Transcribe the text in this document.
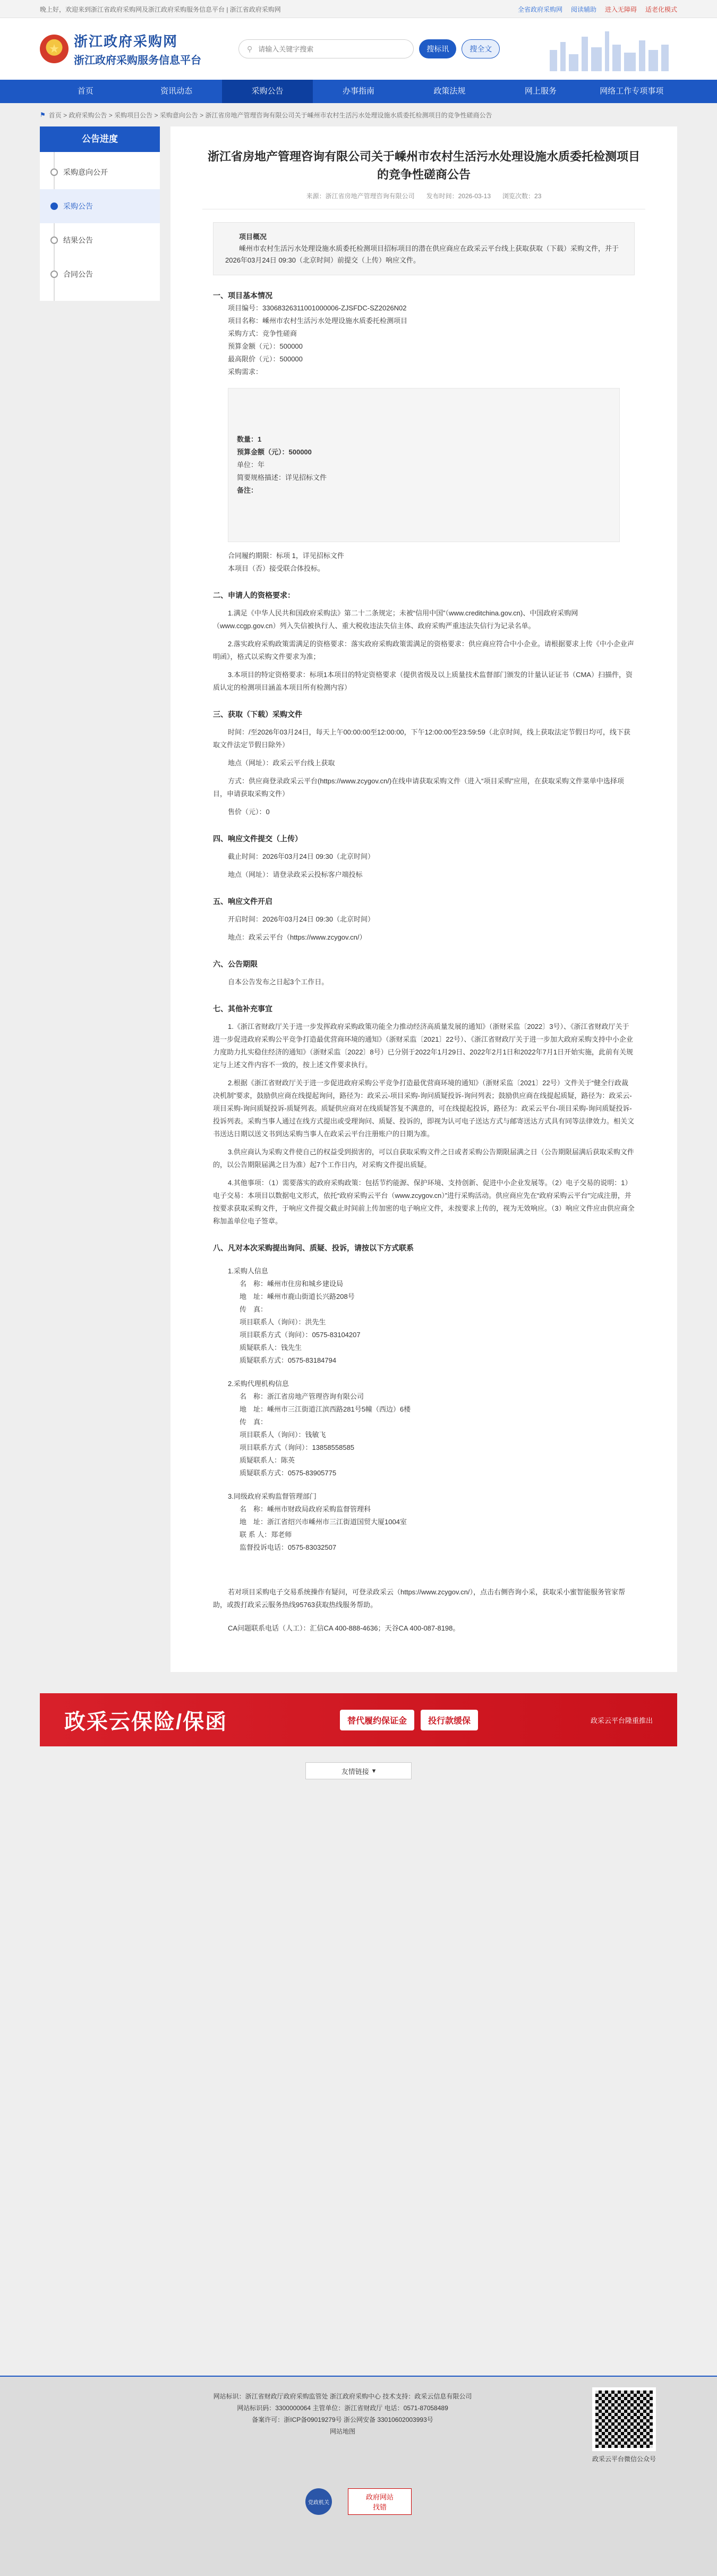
晚上好，欢迎来到浙江省政府采购网及浙江政府采购服务信息平台 | 浙江省政府采购网	全省政府采购网 阅读辅助 进入无障碍 适老化模式
★	浙江政府采购网
浙江政府采购服务信息平台
⚲
请输入关键字搜索	搜标讯	搜全文
首页	资讯动态	采购公告	办事指南	政策法规	网上服务	网络工作专项事项
⚑ 首页 > 政府采购公告 > 采购项目公告 > 采购意向公告 > 浙江省房地产管理咨询有限公司关于嵊州市农村生活污水处理设施水质委托检测项目的竞争性磋商公告
公告进度
采购意向公开
采购公告
结果公告
合同公告
浙江省房地产管理咨询有限公司关于嵊州市农村生活污水处理设施水质委托检测项目的竞争性磋商公告
来源：浙江省房地产管理咨询有限公司 发布时间：2026-03-13 浏览次数：23
项目概况

嵊州市农村生活污水处理设施水质委托检测项目招标项目的潜在供应商应在政采云平台线上获取获取（下载）采购文件，并于2026年03月24日 09:30（北京时间）前提交（上传）响应文件。

一、项目基本情况
项目编号：33068326311001000006-ZJSFDC-SZ2026N02
项目名称：嵊州市农村生活污水处理设施水质委托检测项目
采购方式：竞争性磋商
预算金额（元）：500000
最高限价（元）：500000
采购需求：
数量：1
预算金额（元）：500000
单位：年
简要规格描述：详见招标文件
备注：
合同履约期限：标项 1，详见招标文件
本项目（否）接受联合体投标。
二、申请人的资格要求：

1.满足《中华人民共和国政府采购法》第二十二条规定；未被“信用中国”（www.creditchina.gov.cn)、中国政府采购网（www.ccgp.gov.cn）列入失信被执行人、重大税收违法失信主体、政府采购严重违法失信行为记录名单。

2.落实政府采购政策需满足的资格要求：落实政府采购政策需满足的资格要求：供应商应符合中小企业。请根据要求上传《中小企业声明函》，格式以采购文件要求为准；

3.本项目的特定资格要求：标项1本项目的特定资格要求（提供省级及以上质量技术监督部门颁发的计量认证证书（CMA）扫描件，资质认定的检测项目涵盖本项目所有检测内容）

三、获取（下载）采购文件

时间：/至2026年03月24日，每天上午00:00:00至12:00:00，下午12:00:00至23:59:59（北京时间，线上获取法定节假日均可，线下获取文件法定节假日除外）

地点（网址）：政采云平台线上获取

方式：供应商登录政采云平台(https://www.zcygov.cn/)在线申请获取采购文件（进入“项目采购”应用，在获取采购文件菜单中选择项目，申请获取采购文件）

售价（元）：0

四、响应文件提交（上传）

截止时间：2026年03月24日 09:30（北京时间）

地点（网址）：请登录政采云投标客户端投标

五、响应文件开启

开启时间：2026年03月24日 09:30（北京时间）

地点：政采云平台（https://www.zcygov.cn/）

六、公告期限

自本公告发布之日起3个工作日。

七、其他补充事宜

1.《浙江省财政厅关于进一步发挥政府采购政策功能全力推动经济高质量发展的通知》（浙财采监〔2022〕3号）、《浙江省财政厅关于进一步促进政府采购公平竞争打造最优营商环境的通知》（浙财采监〔2021〕22号）、《浙江省财政厅关于进一步加大政府采购支持中小企业力度助力扎实稳住经济的通知》（浙财采监〔2022〕8号）已分别于2022年1月29日、2022年2月1日和2022年7月1日开始实施，此前有关规定与上述文件内容不一致的，按上述文件要求执行。

2.根据《浙江省财政厅关于进一步促进政府采购公平竞争打造最优营商环境的通知》（浙财采监〔2021〕22号）文件关于“健全行政裁决机制”要求，鼓励供应商在线提起询问，路径为：政采云-项目采购-询问质疑投诉-询问列表；鼓励供应商在线提起质疑，路径为：政采云-项目采购-询问质疑投诉-质疑列表。质疑供应商对在线质疑答复不满意的，可在线提起投诉，路径为：政采云平台-项目采购-询问质疑投诉-投诉列表。采购当事人通过在线方式提出或受理询问、质疑、投诉的，即视为认可电子送达方式与邮寄送达方式具有同等法律效力。相关文书送达日期以送文书到达采购当事人在政采云平台注册账户的日期为准。

3.供应商认为采购文件使自己的权益受到损害的，可以自获取采购文件之日或者采购公告期限届满之日（公告期限届满后获取采购文件的，以公告期限届满之日为准）起7个工作日内，对采购文件提出质疑。

4.其他事项：（1）需要落实的政府采购政策：包括节约能源、保护环境、支持创新、促进中小企业发展等。（2）电子交易的说明：1）电子交易：本项目以数据电文形式，依托“政府采购云平台（www.zcygov.cn）”进行采购活动。供应商应先在“政府采购云平台”完成注册，并按要求获取采购文件，于响应文件提交截止时间前上传加密的电子响应文件，未按要求上传的，视为无效响应。（3）响应文件应由供应商全称加盖单位电子签章。

八、凡对本次采购提出询问、质疑、投诉，请按以下方式联系
1.采购人信息
名　称：嵊州市住房和城乡建设局
地　址：嵊州市鹿山街道长兴路208号
传　真：
项目联系人（询问）：洪先生
项目联系方式（询问）：0575-83104207
质疑联系人：钱先生
质疑联系方式：0575-83184794
2.采购代理机构信息
名　称：浙江省房地产管理咨询有限公司
地　址：嵊州市三江街道江滨西路281号5幢（西边）6楼
传　真：
项目联系人（询问）：钱敏飞
项目联系方式（询问）：13858558585
质疑联系人：陈英
质疑联系方式：0575-83905775
3.同级政府采购监督管理部门
名　称：嵊州市财政局政府采购监督管理科
地　址：浙江省绍兴市嵊州市三江街道国贸大厦1004室
联 系 人：郑老师
监督投诉电话：0575-83032507

若对项目采购电子交易系统操作有疑问，可登录政采云（https://www.zcygov.cn/），点击右侧咨询小采，获取采小蜜智能服务管家帮助，或拨打政采云服务热线95763获取热线服务帮助。

CA问题联系电话（人工）：汇信CA 400-888-4636；天谷CA 400-087-8198。

政采云保险/保函	替代履约保证金	投行款缓保	政采云平台隆重推出
友情链接 ▾
网站标识：浙江省财政厅政府采购监管处 浙江政府采购中心 技术支持：政采云信息有限公司
网站标识码：3300000064 主管单位：浙江省财政厅 电话：0571-87058489
备案许可：浙ICP备09019279号 浙公网安备 33010602003993号
网站地图
政采云平台微信公众号
党政机关
政府网站
找错
